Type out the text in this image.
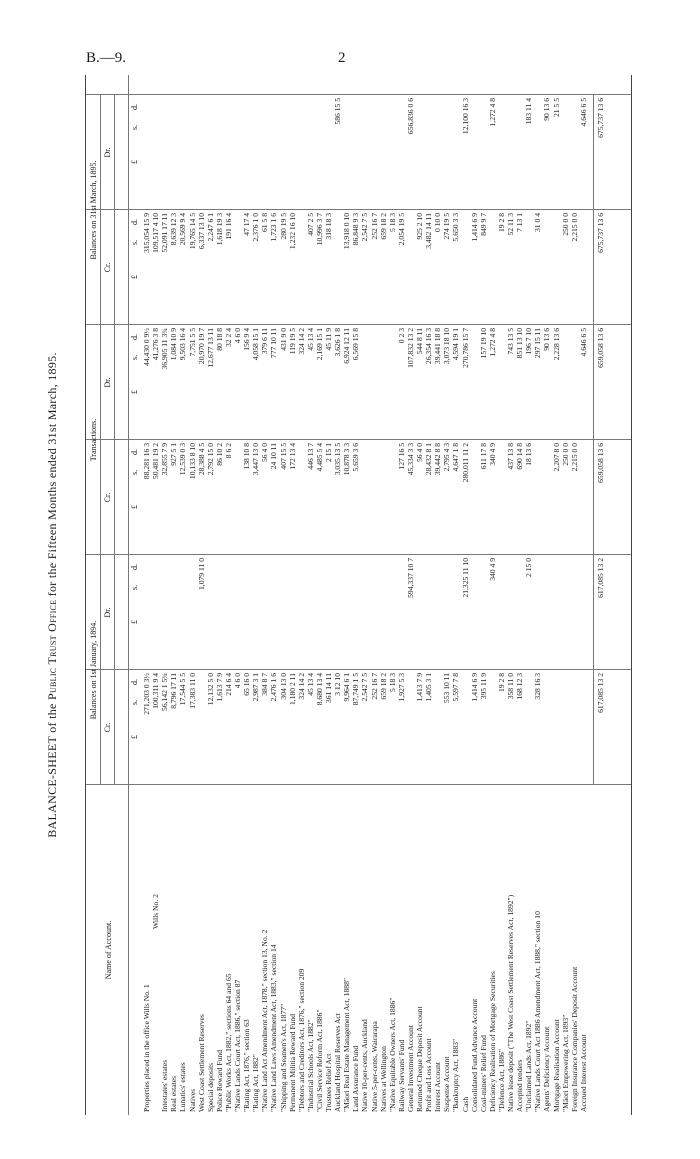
B.—9.	2
BALANCE-SHEET of the Public Trust Office for the Fifteen Months ended 31st March, 1895.
Name of Account.
Balances on 1st January, 1894.
Transactions.
Balances on 31st March, 1895.
Cr.
Dr.
Cr.
Dr.
Cr.
Dr.
£
s.
d.
£
s.
d.
£
s.
d.
£
s.
d.
£
s.
d.
£
s.
d.
Properties placed in the office Wills No. 1
271,203 0 3½
88,281 16 3
44,430 0 9½
315,054 15 9
Wills No. 2
100,311 9 4
50,481 19 2
41,276 3 8
109,517 4 10
Intestates' estates
56,142 1 5¾
32,855 7 9
36,905 11 3¾
52,091 17 11
Real estates
8,796 17 11
927 5 1
1,084 10 9
8,639 12 3
Lunatics' estates
17,544 5 5
12,539 0 3
9,503 16 4
20,569 9 4
Natives
17,383 11 0
10,133 8 10
7,751 5 5
19,765 14 5
West Coast Settlement Reserves
1,079 11 0
28,388 4 5
20,970 19 7
6,337 13 10
Special deposits
12,132 5 0
2,792 15 0
12,677 13 11
2,247 6 1
Police Reward Fund
1,613 7 9
86 10 2
80 18 8
1,618 19 3
"Public Works Act, 1882," sections 64 and 65
214 6 4
8 6 2
32 2 4
191 16 4
"Native Lands Court Act, 1886," section 87
4 6 0
4 6 0
"Rating Act, 1876," section 63
65 16 0
138 10 8
156 9 4
47 17 4
"Rating Act, 1882"
2,987 3 1
3,447 13 0
4,058 15 1
2,376 1 0
"Native Land Act Amendment Act, 1878," section 13, No. 2
384 8 7
56 4 0
379 6 11
61 5 8
"Native Land Laws Amendment Act, 1883," section 14
2,476 1 6
24 10 11
777 10 11
1,723 1 6
"Shipping and Seamen's Act, 1877"
304 13 0
407 15 5
431 9 0
280 19 5
Permanent Militia Reward Fund
1,180 2 11
172 13 4
119 19 5
1,232 16 10
"Debtors and Creditors Act, 1876," section 209
324 14 2
324 14 2
"Industrial Schools Act, 1882"
45 13 4
446 13 7
45 13 4
407 2 5
"Civil Service Reform Act, 1886"
8,680 13 4
4,485 5 4
2,169 15 1
10,996 3 7
Trustees Relief Act
361 14 11
2 15 1
45 11 9
318 18 3
Auckland Hospital Reserves Act
3 12 10
3,035 13 5
3,626 1 8
586 15 5
"Māori Real Estate Management Act, 1888"
9,964 6 1
10,878 3 3
6,924 12 11
13,918 0 10
Land Assurance Fund
87,749 1 5
5,659 3 6
6,569 15 8
86,848 9 3
Native 10-per-cents, Auckland
2,542 7 5
2,542 7 5
Native 5-per-cents, Wairarapa
252 16 7
252 16 7
Natives at Wellington
659 18 2
659 18 2
"Native Equitable Owners Act, 1886"
5 18 3
5 18 3
Railway Servants' Fund
1,927 5 3
127 16 5
0 2 3
2,054 19 5
General Investment Account
594,337 10 7
45,334 3 3
107,832 13 2
656,836 0 6
Returned Cheque Deposit Account
1,413 7 9
56 4 0
544 8 11
925 2 10
Profit and Loss Account
1,405 3 1
28,432 8 1
26,354 16 3
3,482 14 11
Interest Account
39,442 8 8
39,441 18 8
0 10 0
Suspense Account
553 10 11
2,795 4 3
3,073 18 10
274 19 5
"Bankruptcy Act, 1883"
5,597 7 8
4,647 1 8
4,594 19 1
5,650 3 3
Cash
21,325 11 10
280,011 11 2
270,786 15 7
12,100 16 3
Consolidated Fund Advance Account
1,414 6 9
1,414 6 9
Coal-miners' Relief Fund
395 11 9
611 17 8
157 19 10
849 9 7
Deficiency Realisation of Mortgage Securities
340 4 9
340 4 9
1,272 4 8
1,272 4 8
"Defence Act, 1886"
19 2 8
19 2 8
Native lease deposit ("The West Coast Settlement Reserves Act, 1892")
358 11 0
437 13 8
743 13 5
52 11 3
Accepted tenders
168 12 3
690 14 8
851 13 10
7 13 1
"Unclaimed Lands Act, 1892"
2 15 0
18 13 6
196 7 10
183 11 4
"Native Lands Court Act 1886 Amendment Act, 1888," section 10
328 16 3
297 15 11
31 0 4
Agents' Deficiency Account
90 13 6
90 13 6
Mortgage Realisation Account
2,207 8 0
2,228 13 6
21 5 5
"Māori Empowering Act, 1893"
250 0 0
250 0 0
Foreign Insurance Companies' Deposit Account
2,215 0 0
2,215 0 0
Accrued Interest Account
4,646 6 5
4,646 6 5
617,085 13 2
617,085 13 2
659,058 13 6
659,058 13 6
675,737 13 6
675,737 13 6
